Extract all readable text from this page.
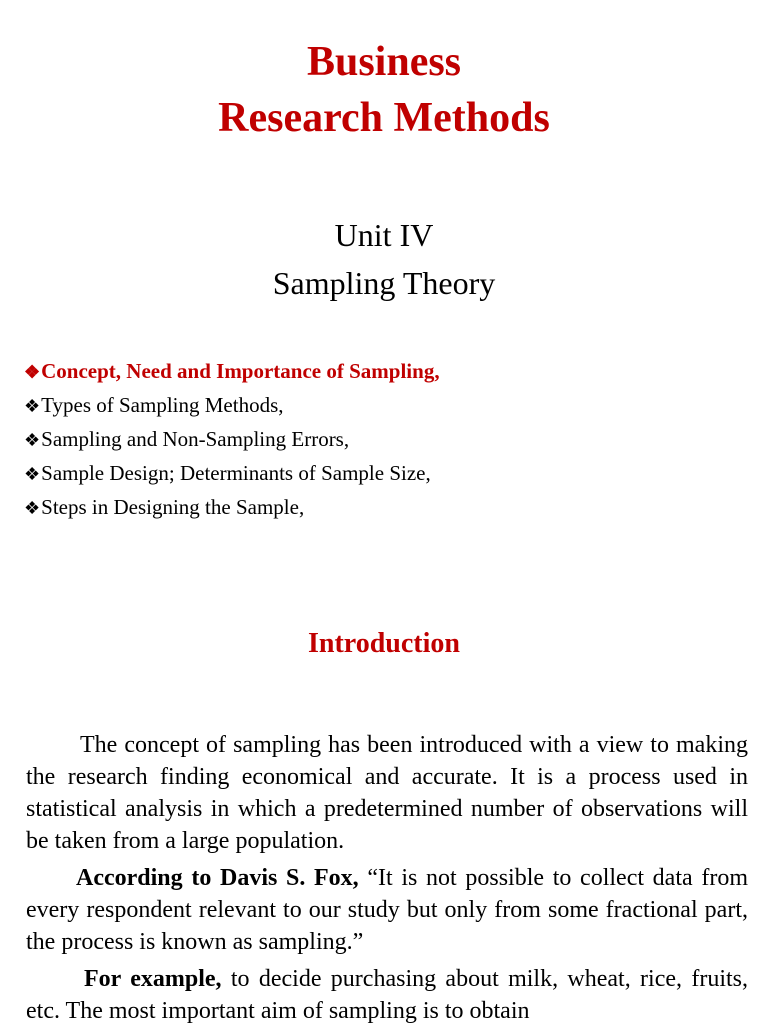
Business
Research Methods
Unit IV
Sampling Theory
❖Concept, Need and Importance of Sampling,
❖Types of Sampling Methods,
❖Sampling and Non-Sampling Errors,
❖Sample Design; Determinants of Sample Size,
❖Steps in Designing the Sample,
Introduction

The concept of sampling has been introduced with a view to making the research finding economical and accurate. It is a process used in statistical analysis in which a predetermined number of observations will be taken from a large population.

According to Davis S. Fox, “It is not possible to collect data from every respondent relevant to our study but only from some fractional part, the process is known as sampling.”

For example, to decide purchasing about milk, wheat, rice, fruits, etc. The most important aim of sampling is to obtain
